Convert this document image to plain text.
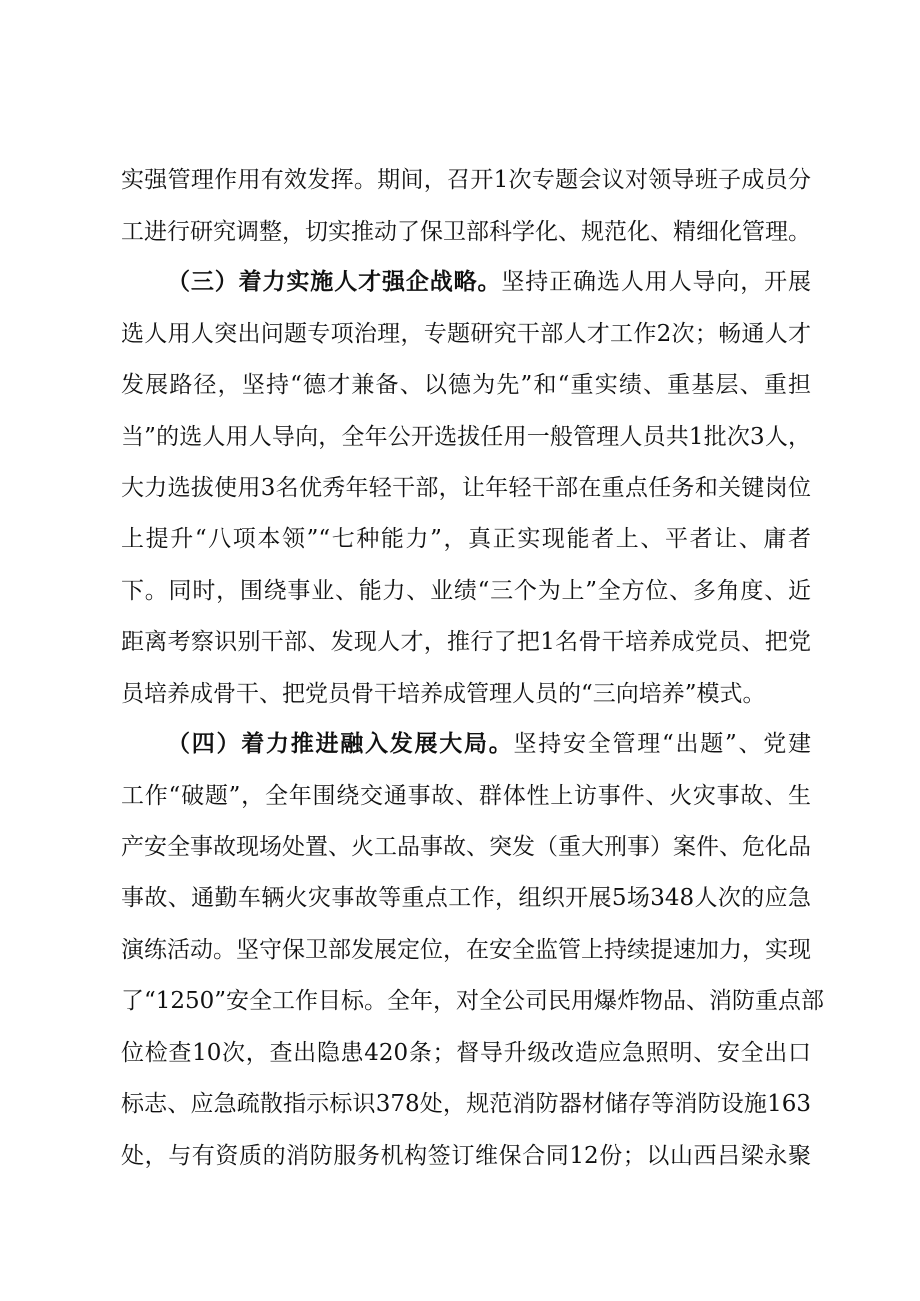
实强管理作用有效发挥。期间，召开1次专题会议对领导班子成员分
工进行研究调整，切实推动了保卫部科学化、规范化、精细化管理。
（三）着力实施人才强企战略。坚持正确选人用人导向，开展
选人用人突出问题专项治理，专题研究干部人才工作2次；畅通人才
发展路径，坚持“德才兼备、以德为先”和“重实绩、重基层、重担
当”的选人用人导向，全年公开选拔任用一般管理人员共1批次3人，
大力选拔使用3名优秀年轻干部，让年轻干部在重点任务和关键岗位
上提升“八项本领”“七种能力”，真正实现能者上、平者让、庸者
下。同时，围绕事业、能力、业绩“三个为上”全方位、多角度、近
距离考察识别干部、发现人才，推行了把1名骨干培养成党员、把党
员培养成骨干、把党员骨干培养成管理人员的“三向培养”模式。
（四）着力推进融入发展大局。坚持安全管理“出题”、党建
工作“破题”，全年围绕交通事故、群体性上访事件、火灾事故、生
产安全事故现场处置、火工品事故、突发（重大刑事）案件、危化品
事故、通勤车辆火灾事故等重点工作，组织开展5场348人次的应急
演练活动。坚守保卫部发展定位，在安全监管上持续提速加力，实现
了“1250”安全工作目标。全年，对全公司民用爆炸物品、消防重点部
位检查10次，查出隐患420条；督导升级改造应急照明、安全出口
标志、应急疏散指示标识378处，规范消防器材储存等消防设施163
处，与有资质的消防服务机构签订维保合同12份；以山西吕梁永聚
